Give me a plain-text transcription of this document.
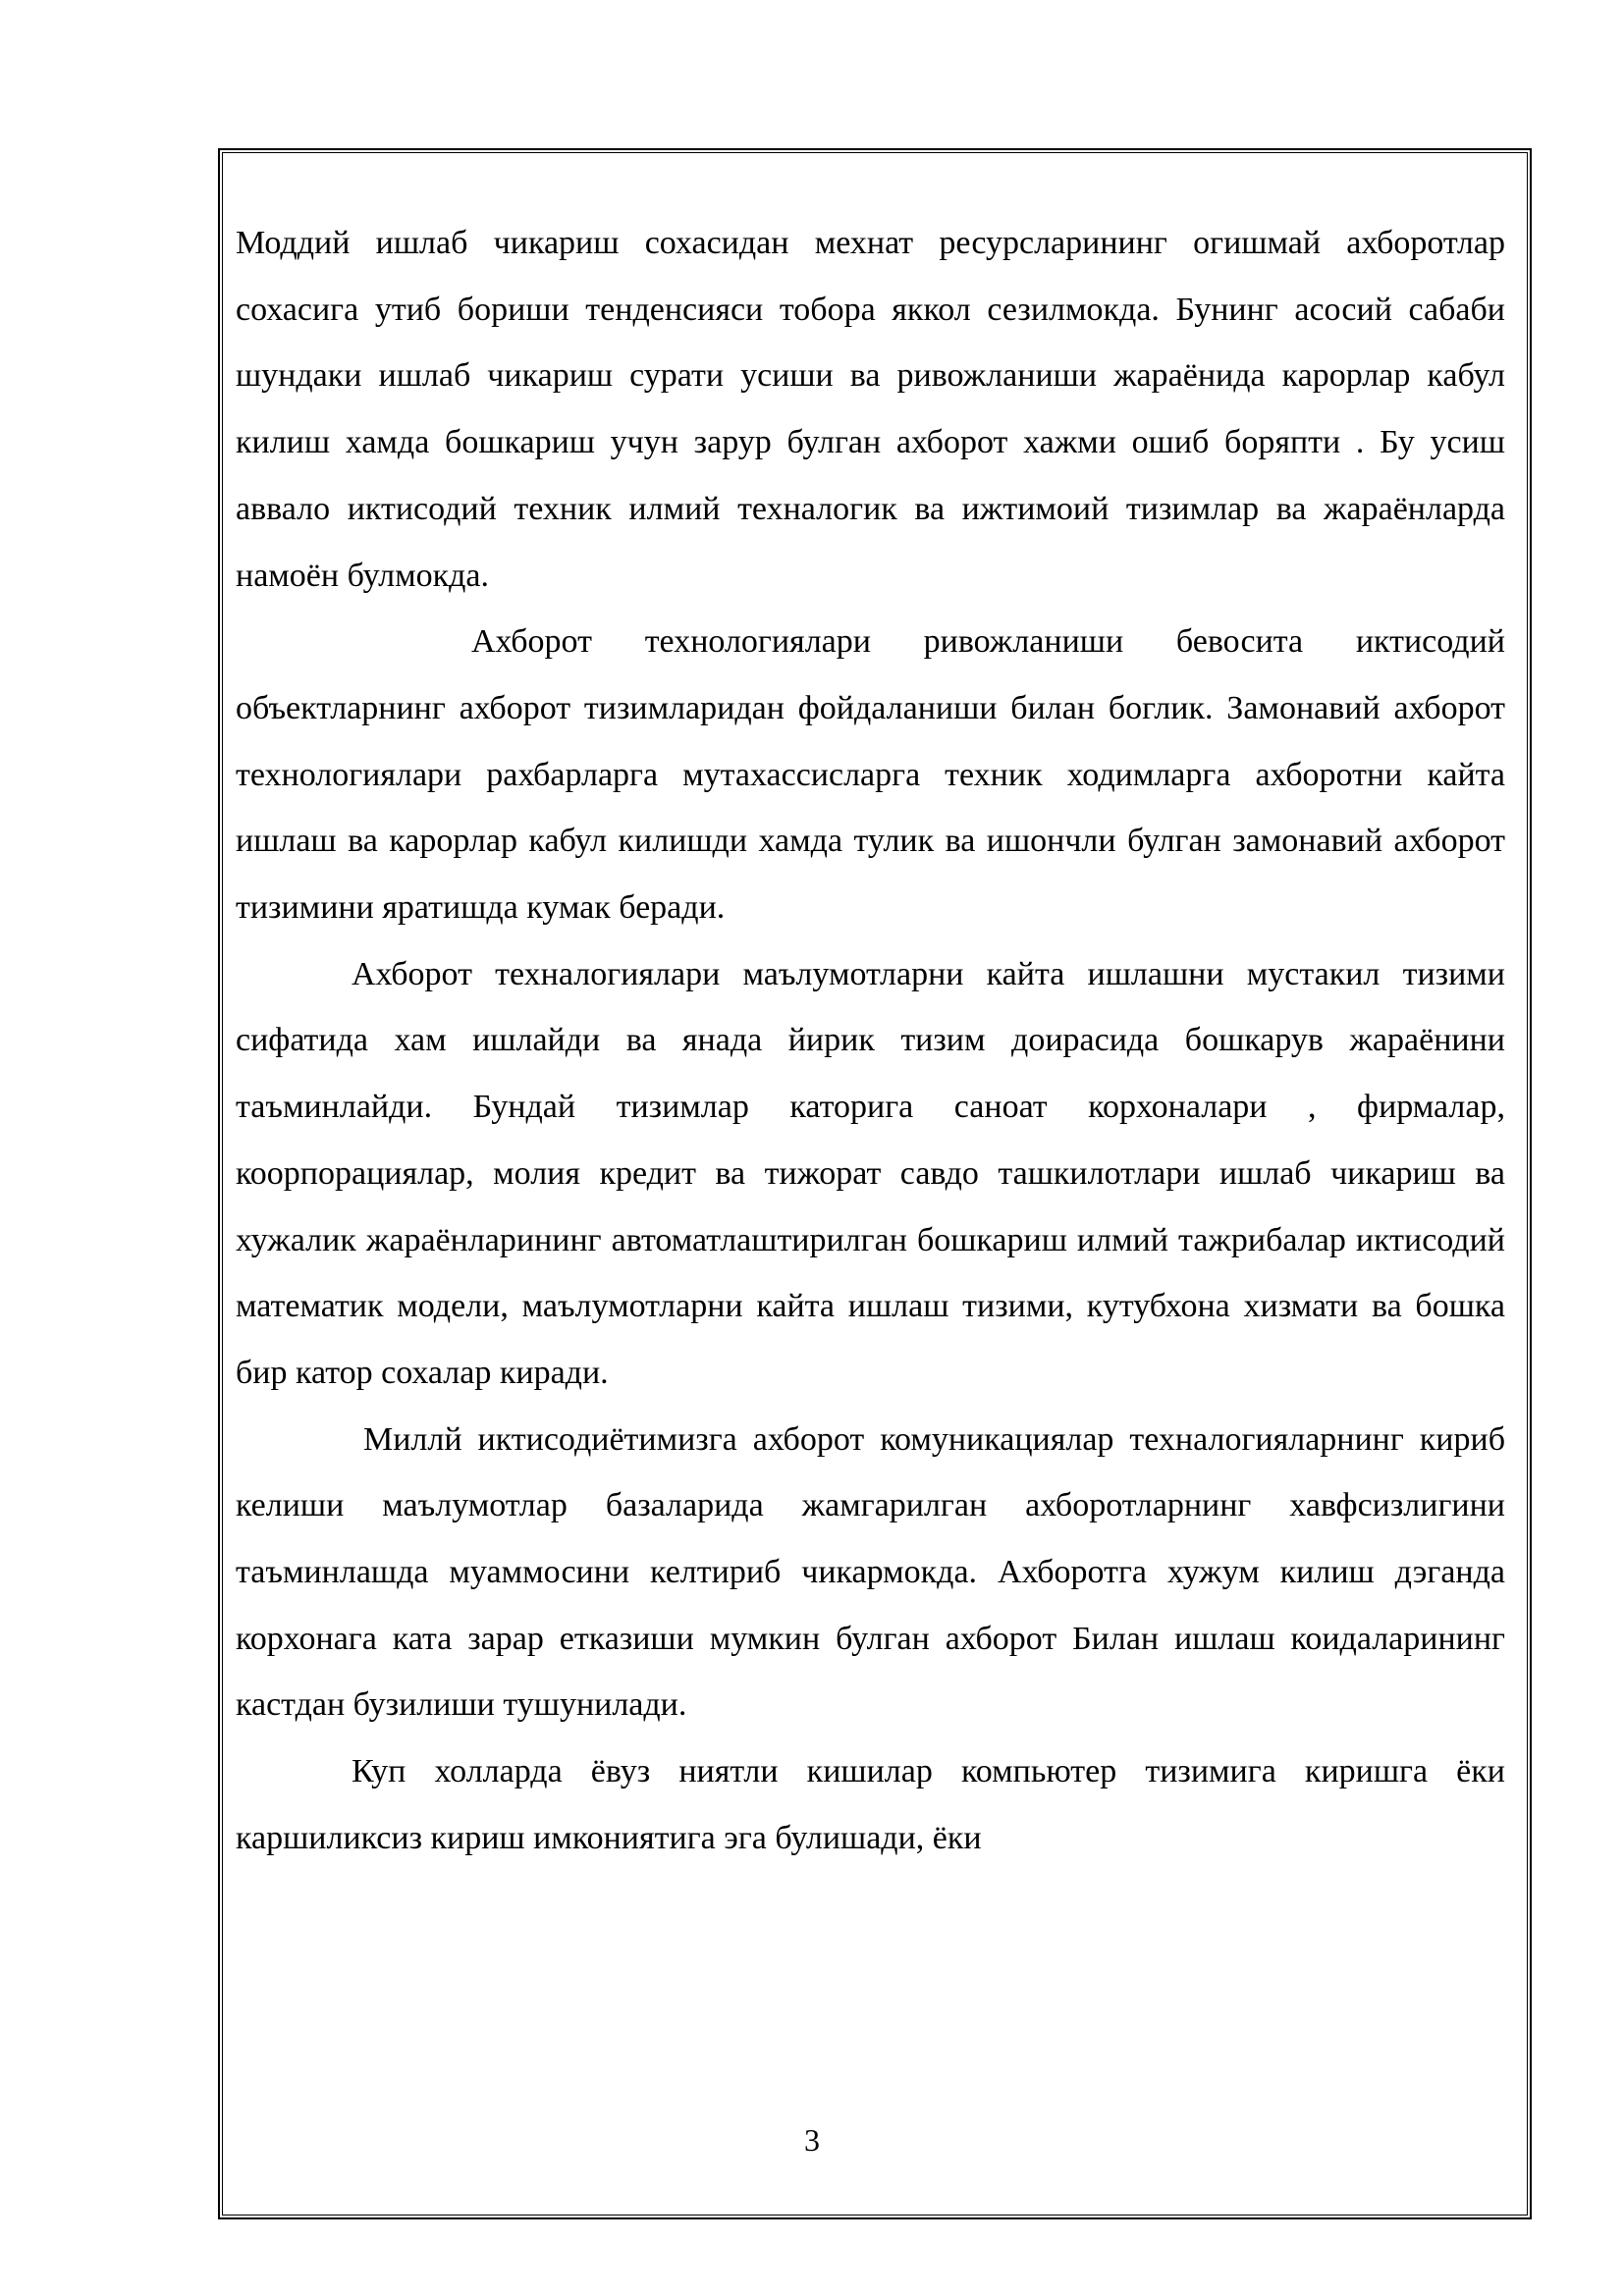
Моддий ишлаб чикариш сохасидан мехнат ресурсларининг огишмай ахборотлар сохасига утиб бориши тенденсияси тобора яккол сезилмокда. Бунинг асосий сабаби шундаки ишлаб чикариш сурати усиши ва ривожланиши жараёнида карорлар кабул килиш хамда бошкариш учун зарур булган ахборот хажми ошиб боряпти . Бу усиш аввало иктисодий техник илмий техналогик ва ижтимоий тизимлар ва жараёнларда намоён булмокда.

Ахборот технологиялари ривожланиши бевосита иктисодий объектларнинг ахборот тизимларидан фойдаланиши билан боглик. Замонавий ахборот технологиялари рахбарларга мутахассисларга техник ходимларга ахборотни кайта ишлаш ва карорлар кабул килишди хамда тулик ва ишончли булган замонавий ахборот тизимини яратишда кумак беради.

Ахборот техналогиялари маълумотларни кайта ишлашни мустакил тизими сифатида хам ишлайди ва янада йирик тизим доирасида бошкарув жараёнини таъминлайди. Бундай тизимлар каторига саноат корхоналари , фирмалар, коорпорациялар, молия кредит ва тижорат савдо ташкилотлари ишлаб чикариш ва хужалик жараёнларининг автоматлаштирилган бошкариш илмий тажрибалар иктисодий математик модели, маълумотларни кайта ишлаш тизими, кутубхона хизмати ва бошка бир катор сохалар киради.

Миллй иктисодиётимизга ахборот комуникациялар техналогияларнинг кириб келиши маълумотлар базаларида жамгарилган ахборотларнинг хавфсизлигини таъминлашда муаммосини келтириб чикармокда. Ахборотга хужум килиш дэганда корхонага ката зарар етказиши мумкин булган ахборот Билан ишлаш коидаларининг кастдан бузилиши тушунилади.

Куп холларда ёвуз ниятли кишилар компьютер тизимига киришга ёки каршиликсиз кириш имкониятига эга булишади, ёки

3
